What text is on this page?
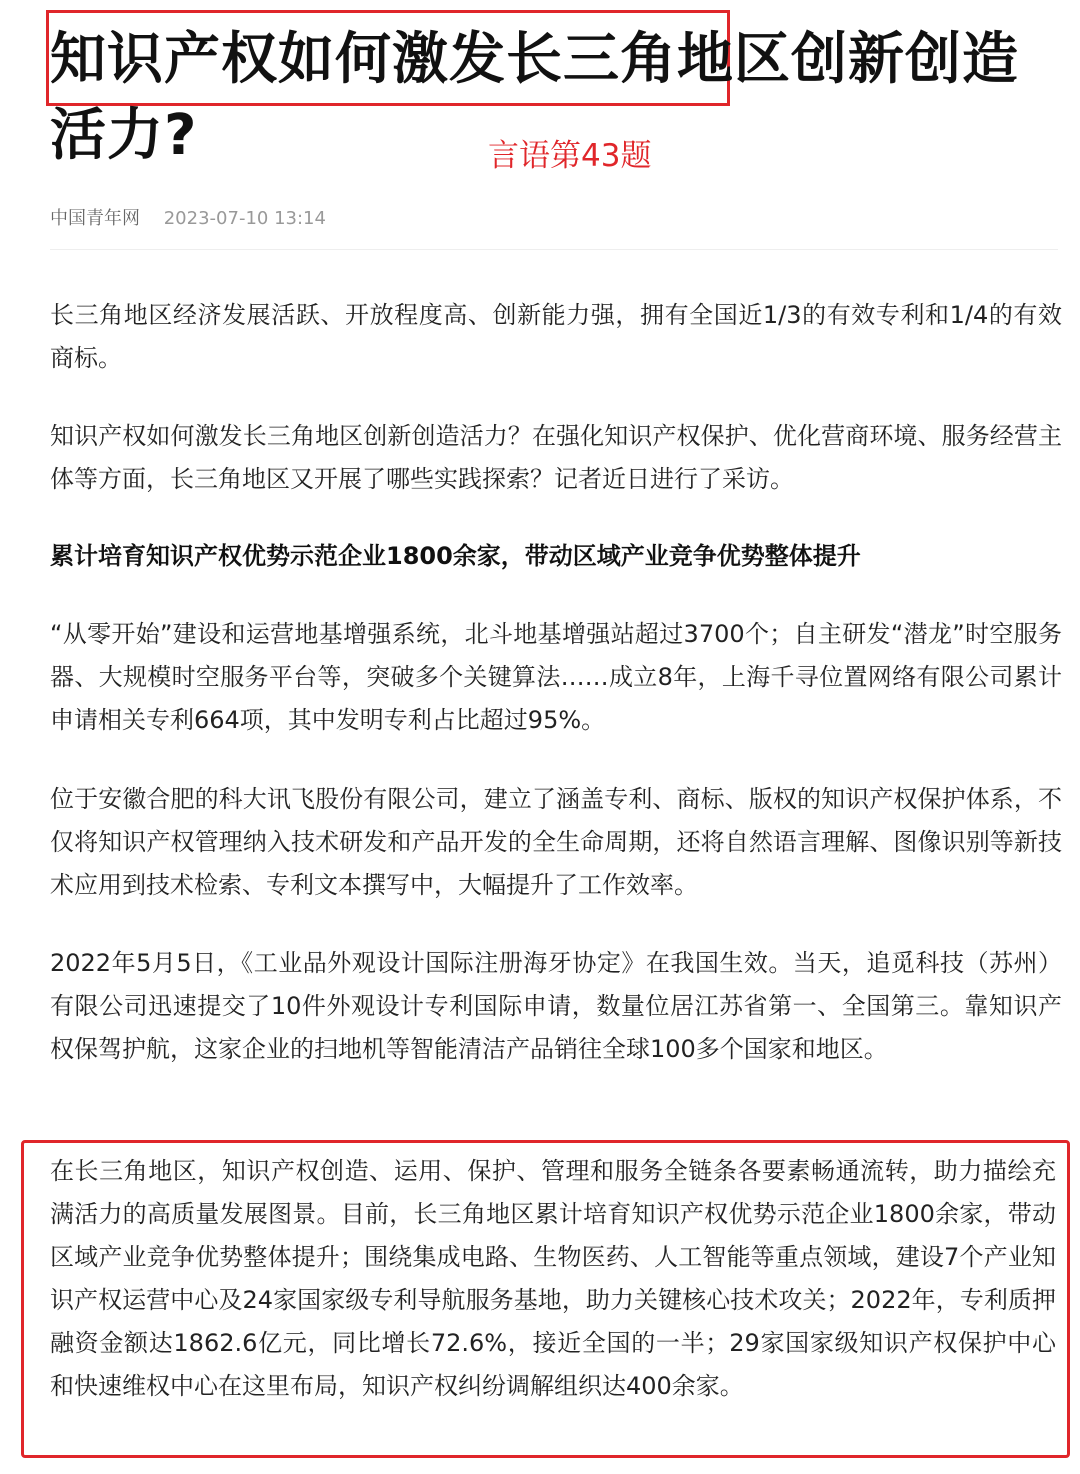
知识产权如何激发长三角地区创新创造活力?	言语第43题
中国青年网 2023-07-10 13:14

长三角地区经济发展活跃、开放程度高、创新能力强，拥有全国近1/3的有效专利和1/4的有效商标。

知识产权如何激发长三角地区创新创造活力？在强化知识产权保护、优化营商环境、服务经营主体等方面，长三角地区又开展了哪些实践探索？记者近日进行了采访。

累计培育知识产权优势示范企业1800余家，带动区域产业竞争优势整体提升

“从零开始”建设和运营地基增强系统，北斗地基增强站超过3700个；自主研发“潜龙”时空服务器、大规模时空服务平台等，突破多个关键算法……成立8年，上海千寻位置网络有限公司累计申请相关专利664项，其中发明专利占比超过95%。

位于安徽合肥的科大讯飞股份有限公司，建立了涵盖专利、商标、版权的知识产权保护体系，不仅将知识产权管理纳入技术研发和产品开发的全生命周期，还将自然语言理解、图像识别等新技术应用到技术检索、专利文本撰写中，大幅提升了工作效率。

2022年5月5日，《工业品外观设计国际注册海牙协定》在我国生效。当天，追觅科技（苏州）有限公司迅速提交了10件外观设计专利国际申请，数量位居江苏省第一、全国第三。靠知识产权保驾护航，这家企业的扫地机等智能清洁产品销往全球100多个国家和地区。

在长三角地区，知识产权创造、运用、保护、管理和服务全链条各要素畅通流转，助力描绘充满活力的高质量发展图景。目前，长三角地区累计培育知识产权优势示范企业1800余家，带动区域产业竞争优势整体提升；围绕集成电路、生物医药、人工智能等重点领域，建设7个产业知识产权运营中心及24家国家级专利导航服务基地，助力关键核心技术攻关；2022年，专利质押融资金额达1862.6亿元，同比增长72.6%，接近全国的一半；29家国家级知识产权保护中心和快速维权中心在这里布局，知识产权纠纷调解组织达400余家。
